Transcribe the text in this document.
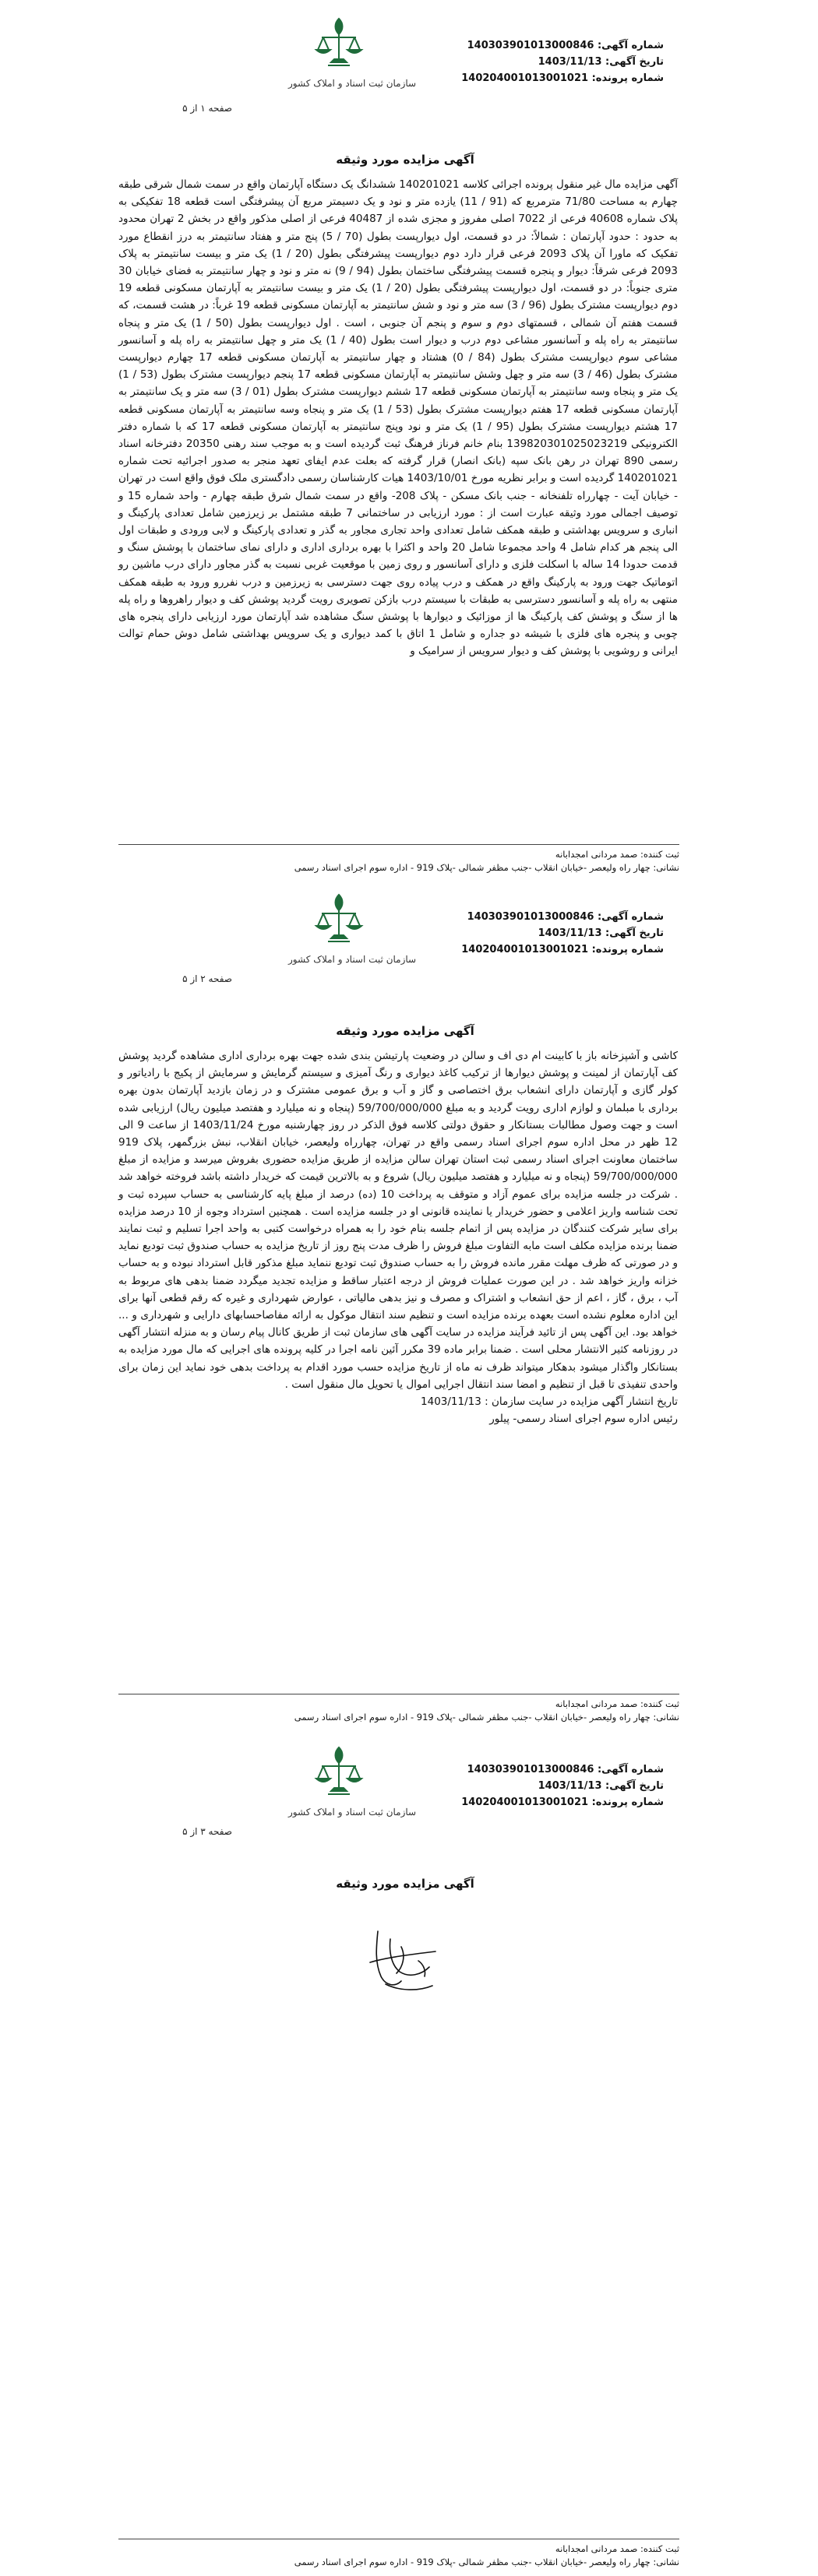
سازمان ثبت اسناد و املاک کشور
شماره آگهی: 140303901013000846
تاریخ آگهی: 1403/11/13
شماره پرونده: 140204001013001021
صفحه ۱ از ۵
آگهی مزایده مورد وثیقه

آگهی مزایده مال غیر منقول پرونده اجرائی کلاسه 140201021 ششدانگ یک دستگاه آپارتمان واقع در سمت شمال شرقی طبقه چهارم به مساحت 71/80 مترمربع که (91 / 11) یازده متر و نود و یک دسیمتر مربع آن پیشرفتگی است قطعه 18 تفکیکی به پلاک شماره 40608 فرعی از 7022 اصلی مفروز و مجزی شده از 40487 فرعی از اصلی مذکور واقع در بخش 2 تهران محدود به حدود : حدود آپارتمان : شمالاً: در دو قسمت، اول دیوارپست بطول (70 / 5) پنج متر و هفتاد سانتیمتر به درز انقطاع مورد تفکیک که ماورا آن پلاک 2093 فرعی قرار دارد دوم دیوارپست پیشرفتگی بطول (20 / 1) یک متر و بیست سانتیمتر به پلاک 2093 فرعی شرقاً: دیوار و پنجره قسمت پیشرفتگی ساختمان بطول (94 / 9) نه متر و نود و چهار سانتیمتر به فضای خیابان 30 متری جنوباً: در دو قسمت، اول دیوارپست پیشرفتگی بطول (20 / 1) یک متر و بیست سانتیمتر به آپارتمان مسکونی قطعه 19 دوم دیوارپست مشترک بطول (96 / 3) سه متر و نود و شش سانتیمتر به آپارتمان مسکونی قطعه 19 غرباً: در هشت قسمت، که قسمت هفتم آن شمالی ، قسمتهای دوم و سوم و پنجم آن جنوبی ، است . اول دیوارپست بطول (50 / 1) یک متر و پنجاه سانتیمتر به راه پله و آسانسور مشاعی دوم درب و دیوار است بطول (40 / 1) یک متر و چهل سانتیمتر به راه پله و آسانسور مشاعی سوم دیوارپست مشترک بطول (84 / 0) هشتاد و چهار سانتیمتر به آپارتمان مسکونی قطعه 17 چهارم دیوارپست مشترک بطول (46 / 3) سه متر و چهل وشش سانتیمتر به آپارتمان مسکونی قطعه 17 پنجم دیوارپست مشترک بطول (53 / 1) یک متر و پنجاه وسه سانتیمتر به آپارتمان مسکونی قطعه 17 ششم دیوارپست مشترک بطول (01 / 3) سه متر و یک سانتیمتر به آپارتمان مسکونی قطعه 17 هفتم دیوارپست مشترک بطول (53 / 1) یک متر و پنجاه وسه سانتیمتر به آپارتمان مسکونی قطعه 17 هشتم دیوارپست مشترک بطول (95 / 1) یک متر و نود وپنج سانتیمتر به آپارتمان مسکونی قطعه 17 که با شماره دفتر الکترونیکی 139820301025023219 بنام خانم فرناز فرهنگ ثبت گردیده است و به موجب سند رهنی 20350 دفترخانه اسناد رسمی 890 تهران در رهن بانک سپه (بانک انصار) قرار گرفته که بعلت عدم ایفای تعهد منجر به صدور اجرائیه تحت شماره 140201021 گردیده است و برابر نظریه مورخ 1403/10/01 هیات کارشناسان رسمی دادگستری ملک فوق واقع است در تهران - خیابان آیت - چهارراه تلفنخانه - جنب بانک مسکن - پلاک 208- واقع در سمت شمال شرق طبقه چهارم - واحد شماره 15 و توصیف اجمالی مورد وثیقه عبارت است از : مورد ارزیابی در ساختمانی 7 طبقه مشتمل بر زیرزمین شامل تعدادی پارکینگ و انباری و سرویس بهداشتی و طبقه همکف شامل تعدادی واحد تجاری مجاور به گذر و تعدادی پارکینگ و لابی ورودی و طبقات اول الی پنجم هر کدام شامل 4 واحد مجموعا شامل 20 واحد و اکثرا با بهره برداری اداری و دارای نمای ساختمان با پوشش سنگ و قدمت حدودا 14 ساله با اسکلت فلزی و دارای آسانسور و روی زمین با موقعیت غربی نسبت به گذر مجاور دارای درب ماشین رو اتوماتیک جهت ورود به پارکینگ واقع در همکف و درب پیاده روی جهت دسترسی به زیرزمین و درب نفررو ورود به طبقه همکف منتهی به راه پله و آسانسور دسترسی به طبقات با سیستم درب بازکن تصویری رویت گردید پوشش کف و دیوار راهروها و راه پله ها از سنگ و پوشش کف پارکینگ ها از موزائیک و دیوارها با پوشش سنگ مشاهده شد آپارتمان مورد ارزیابی دارای پنجره های چوبی و پنجره های فلزی با شیشه دو جداره و شامل 1 اتاق با کمد دیواری و یک سرویس بهداشتی شامل دوش حمام توالت ایرانی و روشویی با پوشش کف و دیوار سرویس از سرامیک و

ثبت کننده: صمد مردانی امجدابانه
نشانی: چهار راه ولیعصر -خیابان انقلاب -جنب مظفر شمالی -پلاک 919 - اداره سوم اجرای اسناد رسمی
سازمان ثبت اسناد و املاک کشور
شماره آگهی: 140303901013000846
تاریخ آگهی: 1403/11/13
شماره پرونده: 140204001013001021
صفحه ۲ از ۵
آگهی مزایده مورد وثیقه

کاشی و آشپزخانه باز با کابینت ام دی اف و سالن در وضعیت پارتیشن بندی شده جهت بهره برداری اداری مشاهده گردید پوشش کف آپارتمان از لمینت و پوشش دیوارها از ترکیب کاغذ دیواری و رنگ آمیزی و سیستم گرمایش و سرمایش از پکیج با رادیاتور و کولر گازی و آپارتمان دارای انشعاب برق اختصاصی و گاز و آب و برق عمومی مشترک و در زمان بازدید آپارتمان بدون بهره برداری با مبلمان و لوازم اداری رویت گردید و به مبلغ 59/700/000/000 (پنجاه و نه میلیارد و هفتصد میلیون ریال) ارزیابی شده است و جهت وصول مطالبات بستانکار و حقوق دولتی کلاسه فوق الذکر در روز چهارشنبه مورخ 1403/11/24 از ساعت 9 الی 12 ظهر در محل اداره سوم اجرای اسناد رسمی واقع در تهران، چهارراه ولیعصر، خیابان انقلاب، نبش بزرگمهر، پلاک 919 ساختمان معاونت اجرای اسناد رسمی ثبت استان تهران سالن مزایده از طریق مزایده حضوری بفروش میرسد و مزایده از مبلغ 59/700/000/000 (پنجاه و نه میلیارد و هفتصد میلیون ریال) شروع و به بالاترین قیمت که خریدار داشته باشد فروخته خواهد شد . شرکت در جلسه مزایده برای عموم آزاد و متوقف به پرداخت 10 (ده) درصد از مبلغ پایه کارشناسی به حساب سپرده ثبت و تحت شناسه واریز اعلامی و حضور خریدار یا نماینده قانونی او در جلسه مزایده است . همچنین استرداد وجوه از 10 درصد مزایده برای سایر شرکت کنندگان در مزایده پس از اتمام جلسه بنام خود را به همراه درخواست کتبی به واحد اجرا تسلیم و ثبت نمایند ضمنا برنده مزایده مکلف است مابه التفاوت مبلغ فروش را ظرف مدت پنج روز از تاریخ مزایده به حساب صندوق ثبت تودیع نماید و در صورتی که ظرف مهلت مقرر مانده فروش را به حساب صندوق ثبت تودیع ننماید مبلغ مذکور قابل استرداد نبوده و به حساب خزانه واریز خواهد شد . در این صورت عملیات فروش از درجه اعتبار ساقط و مزایده تجدید میگردد ضمنا بدهی های مربوط به آب ، برق ، گاز ، اعم از حق انشعاب و اشتراک و مصرف و نیز بدهی مالیاتی ، عوارض شهرداری و غیره که رقم قطعی آنها برای این اداره معلوم نشده است بعهده برنده مزایده است و تنظیم سند انتقال موکول به ارائه مفاصاحسابهای دارایی و شهرداری و ... خواهد بود. این آگهی پس از تائید فرآیند مزایده در سایت آگهی های سازمان ثبت از طریق کانال پیام رسان و به منزله انتشار آگهی در روزنامه کثیر الانتشار محلی است . ضمنا برابر ماده 39 مکرر آئین نامه اجرا در کلیه پرونده های اجرایی که مال مورد مزایده به بستانکار واگذار میشود بدهکار میتواند ظرف نه ماه از تاریخ مزایده حسب مورد اقدام به پرداخت بدهی خود نماید این زمان برای واحدی تنفیذی تا قبل از تنظیم و امضا سند انتقال اجرایی اموال یا تحویل مال منقول است .

تاریخ انتشار آگهی مزایده در سایت سازمان : 1403/11/13

رئیس اداره سوم اجرای اسناد رسمی- پیلور

ثبت کننده: صمد مردانی امجدابانه
نشانی: چهار راه ولیعصر -خیابان انقلاب -جنب مظفر شمالی -پلاک 919 - اداره سوم اجرای اسناد رسمی
سازمان ثبت اسناد و املاک کشور
شماره آگهی: 140303901013000846
تاریخ آگهی: 1403/11/13
شماره پرونده: 140204001013001021
صفحه ۳ از ۵
آگهی مزایده مورد وثیقه
ثبت کننده: صمد مردانی امجدابانه
نشانی: چهار راه ولیعصر -خیابان انقلاب -جنب مظفر شمالی -پلاک 919 - اداره سوم اجرای اسناد رسمی
